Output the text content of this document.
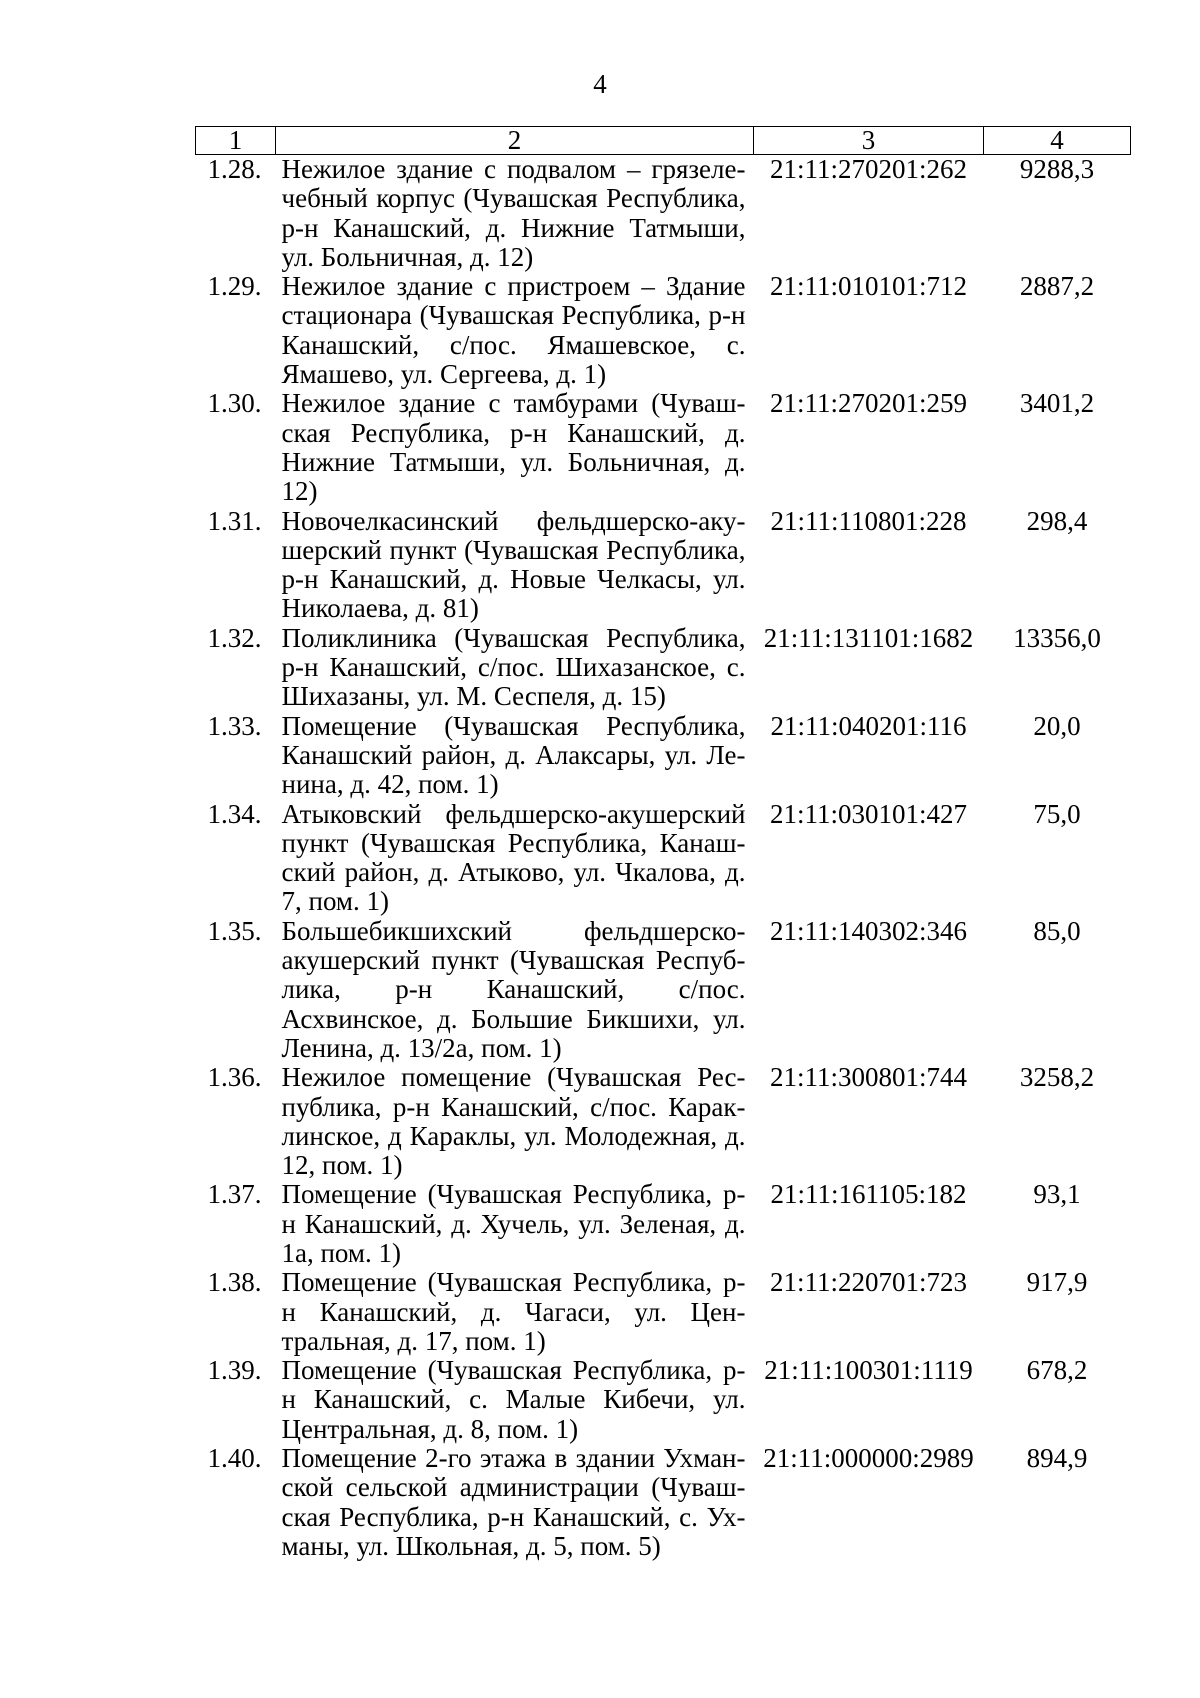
4
1	2	3	4
1.28.	Нежилое здание с подвалом – грязелечебный корпус (Чувашская Республика, р-н Канашский, д. Нижние Татмыши, ул. Больничная, д. 12)	21:11:270201:262	9288,3
1.29.	Нежилое здание с пристроем – Здание стационара (Чувашская Республика, р-н Канашский, с/пос. Ямашевское, с. Ямашево, ул. Сергеева, д. 1)	21:11:010101:712	2887,2
1.30.	Нежилое здание с тамбурами (Чувашская Республика, р-н Канашский, д. Нижние Татмыши, ул. Больничная, д. 12)	21:11:270201:259	3401,2
1.31.	Новочелкасинский фельдшерско-акушерский пункт (Чувашская Республика, р-н Канашский, д. Новые Челкасы, ул. Николаева, д. 81)	21:11:110801:228	298,4
1.32.	Поликлиника (Чувашская Республика, р-н Канашский, с/пос. Шихазанское, с. Шихазаны, ул. М. Сеспеля, д. 15)	21:11:131101:1682	13356,0
1.33.	Помещение (Чувашская Республика, Канашский район, д. Алаксары, ул. Ленина, д. 42, пом. 1)	21:11:040201:116	20,0
1.34.	Атыковский фельдшерско-акушерский пункт (Чувашская Республика, Канашский район, д. Атыково, ул. Чкалова, д. 7, пом. 1)	21:11:030101:427	75,0
1.35.	Большебикшихский фельдшерско-акушерский пункт (Чувашская Республика, р-н Канашский, с/пос. Асхвинское, д. Большие Бикшихи, ул. Ленина, д. 13/2а, пом. 1)	21:11:140302:346	85,0
1.36.	Нежилое помещение (Чувашская Республика, р-н Канашский, с/пос. Караклинское, д Караклы, ул. Молодежная, д. 12, пом. 1)	21:11:300801:744	3258,2
1.37.	Помещение (Чувашская Республика, р-н Канашский, д. Хучель, ул. Зеленая, д. 1а, пом. 1)	21:11:161105:182	93,1
1.38.	Помещение (Чувашская Республика, р-н Канашский, д. Чагаси, ул. Центральная, д. 17, пом. 1)	21:11:220701:723	917,9
1.39.	Помещение (Чувашская Республика, р-н Канашский, с. Малые Кибечи, ул. Центральная, д. 8, пом. 1)	21:11:100301:1119	678,2
1.40.	Помещение 2-го этажа в здании Ухманской сельской администрации (Чувашская Республика, р-н Канашский, с. Ухманы, ул. Школьная, д. 5, пом. 5)	21:11:000000:2989	894,9
